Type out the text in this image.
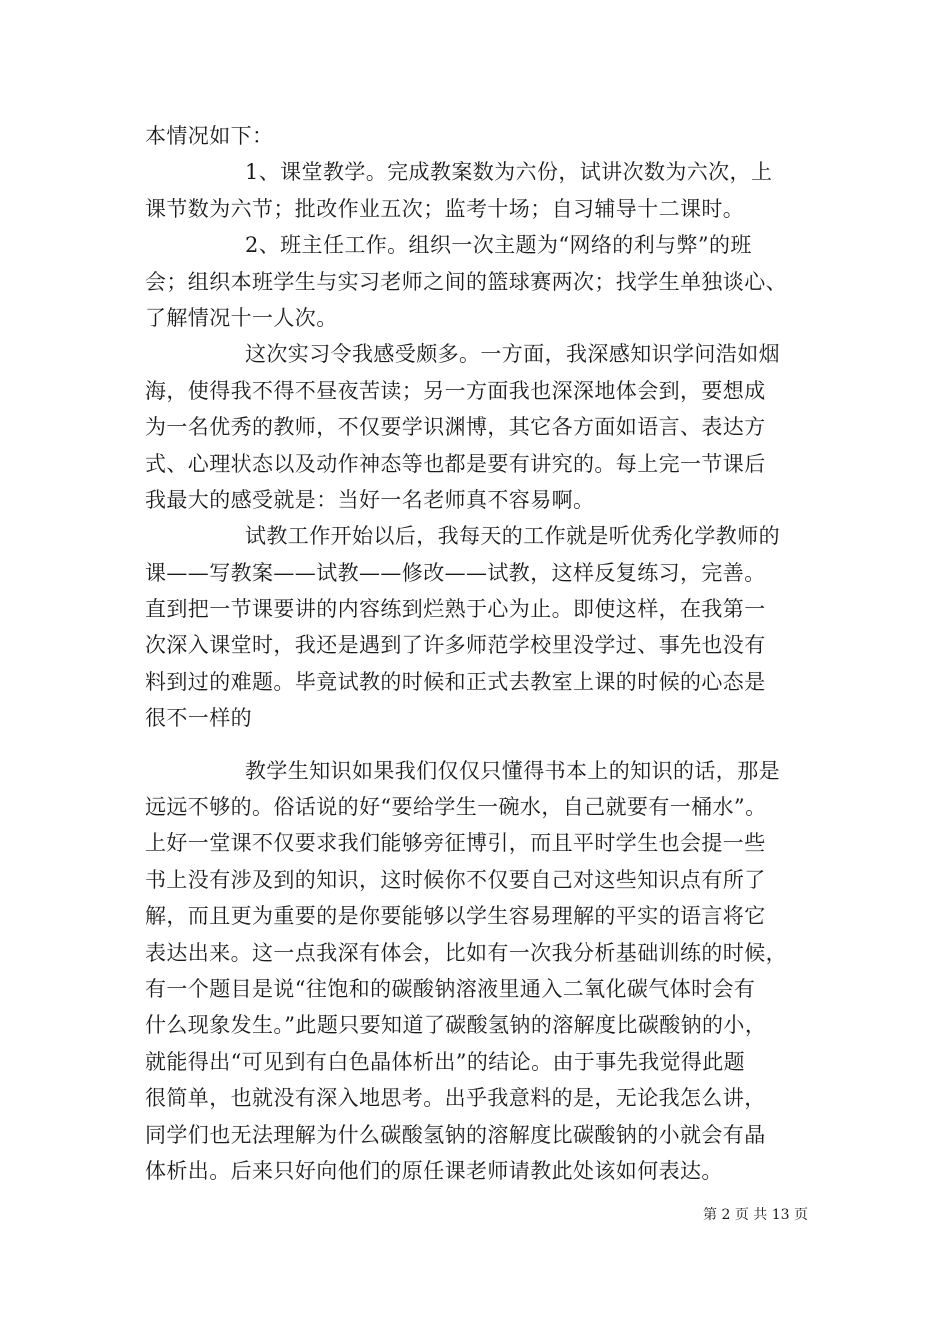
本情况如下：
1、课堂教学。完成教案数为六份，试讲次数为六次，上
课节数为六节；批改作业五次；监考十场；自习辅导十二课时。
2、班主任工作。组织一次主题为“网络的利与弊”的班
会；组织本班学生与实习老师之间的篮球赛两次；找学生单独谈心、
了解情况十一人次。
这次实习令我感受颇多。一方面，我深感知识学问浩如烟
海，使得我不得不昼夜苦读；另一方面我也深深地体会到，要想成
为一名优秀的教师，不仅要学识渊博，其它各方面如语言、表达方
式、心理状态以及动作神态等也都是要有讲究的。每上完一节课后
我最大的感受就是：当好一名老师真不容易啊。
试教工作开始以后，我每天的工作就是听优秀化学教师的
课——写教案——试教——修改——试教，这样反复练习，完善。
直到把一节课要讲的内容练到烂熟于心为止。即使这样，在我第一
次深入课堂时，我还是遇到了许多师范学校里没学过、事先也没有
料到过的难题。毕竟试教的时候和正式去教室上课的时候的心态是
很不一样的
教学生知识如果我们仅仅只懂得书本上的知识的话，那是
远远不够的。俗话说的好“要给学生一碗水，自己就要有一桶水”。
上好一堂课不仅要求我们能够旁征博引，而且平时学生也会提一些
书上没有涉及到的知识，这时候你不仅要自己对这些知识点有所了
解，而且更为重要的是你要能够以学生容易理解的平实的语言将它
表达出来。这一点我深有体会，比如有一次我分析基础训练的时候，
有一个题目是说“往饱和的碳酸钠溶液里通入二氧化碳气体时会有
什么现象发生。”此题只要知道了碳酸氢钠的溶解度比碳酸钠的小，
就能得出“可见到有白色晶体析出”的结论。由于事先我觉得此题
很简单，也就没有深入地思考。出乎我意料的是，无论我怎么讲，
同学们也无法理解为什么碳酸氢钠的溶解度比碳酸钠的小就会有晶
体析出。后来只好向他们的原任课老师请教此处该如何表达。
第 2 页 共 13 页
